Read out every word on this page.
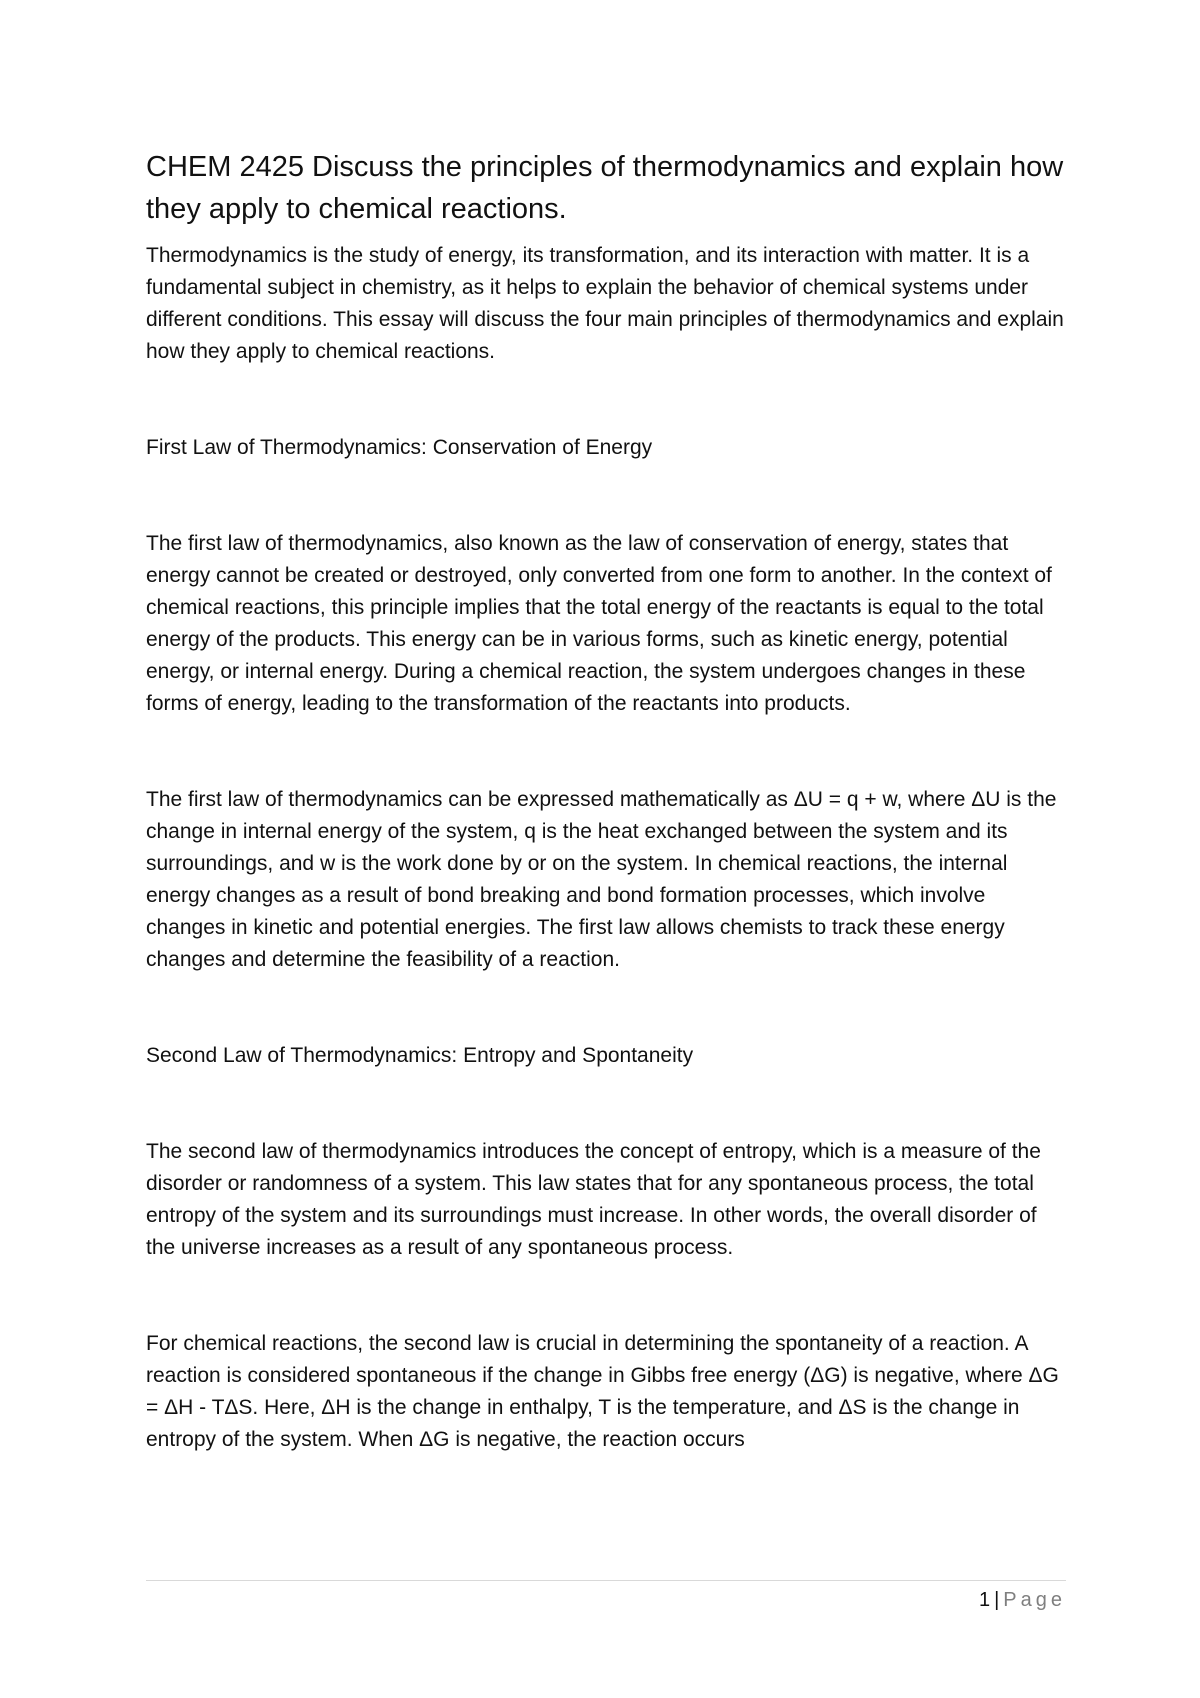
CHEM 2425 Discuss the principles of thermodynamics and explain how they apply to chemical reactions.

Thermodynamics is the study of energy, its transformation, and its interaction with matter. It is a fundamental subject in chemistry, as it helps to explain the behavior of chemical systems under different conditions. This essay will discuss the four main principles of thermodynamics and explain how they apply to chemical reactions.

First Law of Thermodynamics: Conservation of Energy

The first law of thermodynamics, also known as the law of conservation of energy, states that energy cannot be created or destroyed, only converted from one form to another. In the context of chemical reactions, this principle implies that the total energy of the reactants is equal to the total energy of the products. This energy can be in various forms, such as kinetic energy, potential energy, or internal energy. During a chemical reaction, the system undergoes changes in these forms of energy, leading to the transformation of the reactants into products.

The first law of thermodynamics can be expressed mathematically as ΔU = q + w, where ΔU is the change in internal energy of the system, q is the heat exchanged between the system and its surroundings, and w is the work done by or on the system. In chemical reactions, the internal energy changes as a result of bond breaking and bond formation processes, which involve changes in kinetic and potential energies. The first law allows chemists to track these energy changes and determine the feasibility of a reaction.

Second Law of Thermodynamics: Entropy and Spontaneity

The second law of thermodynamics introduces the concept of entropy, which is a measure of the disorder or randomness of a system. This law states that for any spontaneous process, the total entropy of the system and its surroundings must increase. In other words, the overall disorder of the universe increases as a result of any spontaneous process.

For chemical reactions, the second law is crucial in determining the spontaneity of a reaction. A reaction is considered spontaneous if the change in Gibbs free energy (ΔG) is negative, where ΔG = ΔH - TΔS. Here, ΔH is the change in enthalpy, T is the temperature, and ΔS is the change in entropy of the system. When ΔG is negative, the reaction occurs

1 | Page
